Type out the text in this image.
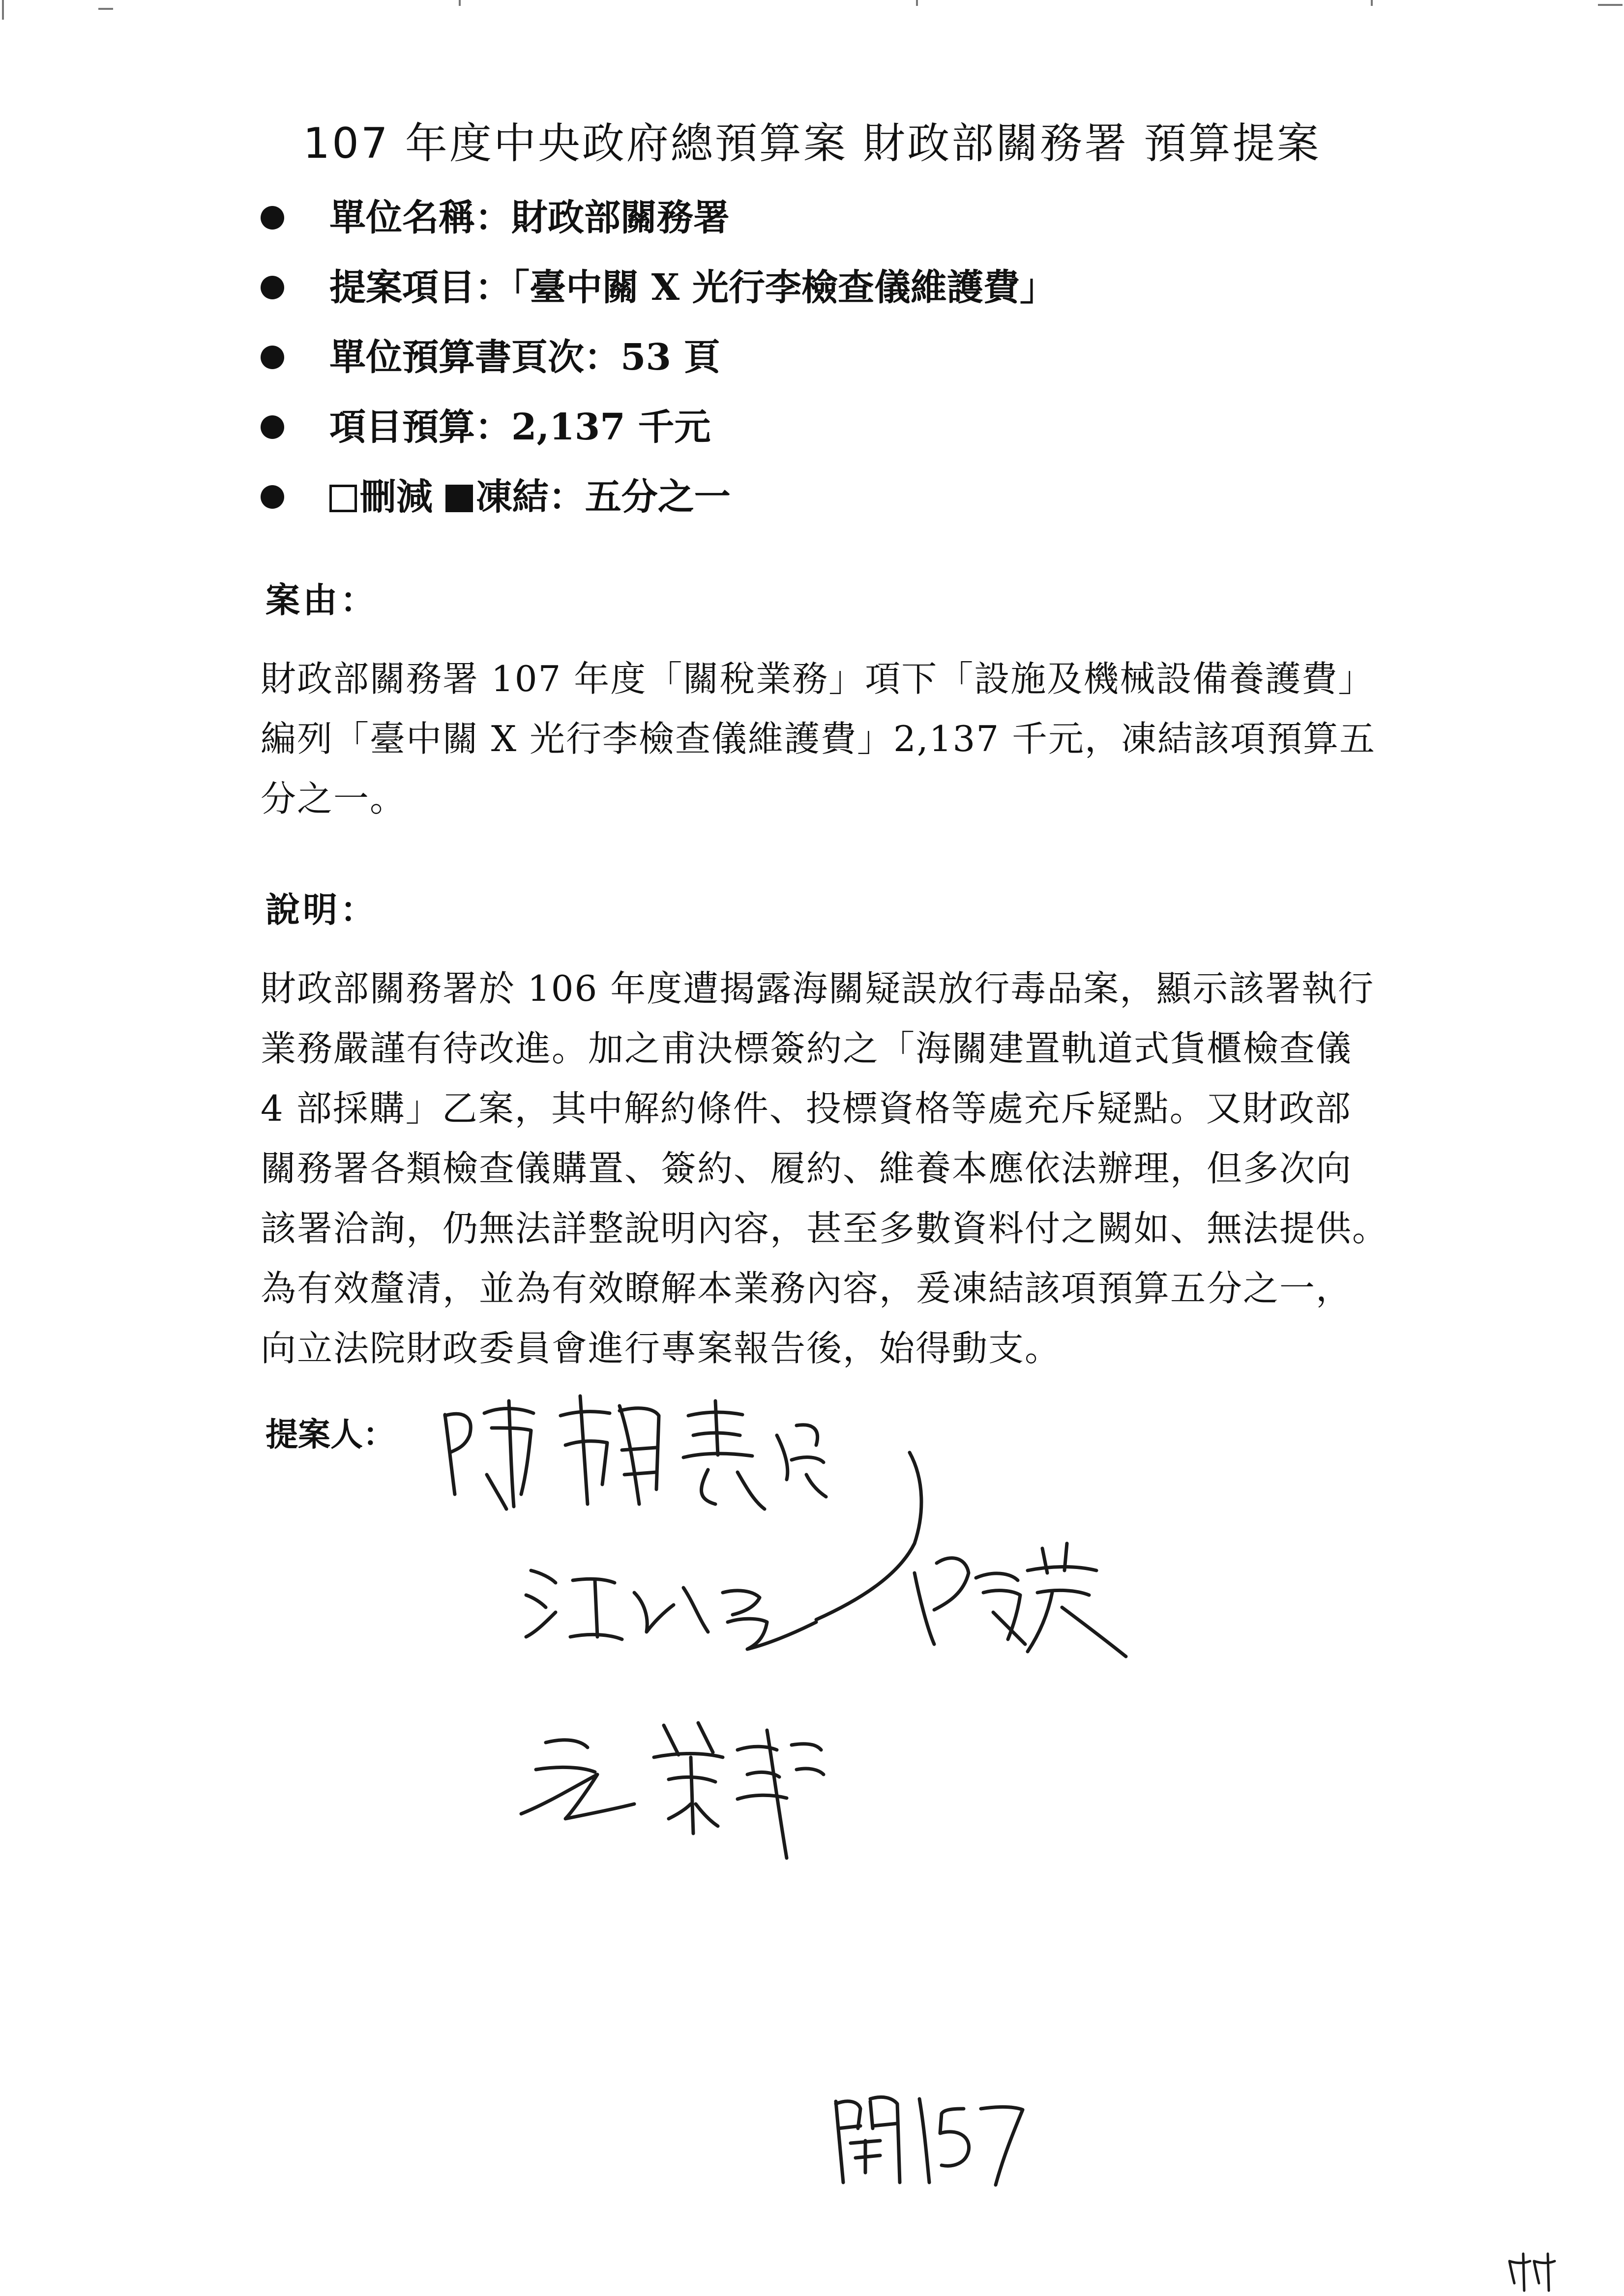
107 年度中央政府總預算案 財政部關務署 預算提案
單位名稱：財政部關務署
提案項目：「臺中關 X 光行李檢查儀維護費」
單位預算書頁次：53 頁
項目預算：2,137 千元
刪減 凍結：五分之一
案由：

財政部關務署 107 年度「關稅業務」項下「設施及機械設備養護費」
編列「臺中關 X 光行李檢查儀維護費」2,137 千元，凍結該項預算五
分之一。

說明：

財政部關務署於 106 年度遭揭露海關疑誤放行毒品案，顯示該署執行
業務嚴謹有待改進。加之甫決標簽約之「海關建置軌道式貨櫃檢查儀
4 部採購」乙案，其中解約條件、投標資格等處充斥疑點。又財政部
關務署各類檢查儀購置、簽約、履約、維養本應依法辦理，但多次向
該署洽詢，仍無法詳整說明內容，甚至多數資料付之闕如、無法提供。
為有效釐清，並為有效瞭解本業務內容，爰凍結該項預算五分之一，
向立法院財政委員會進行專案報告後，始得動支。

提案人：
